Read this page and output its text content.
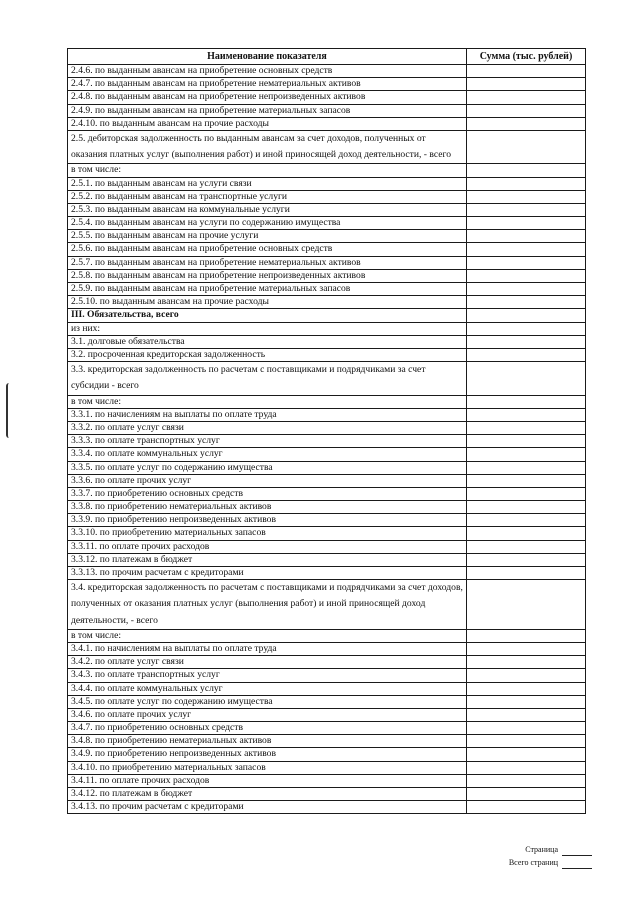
Наименование показателя	Сумма (тыс. рублей)
2.4.6. по выданным авансам на приобретение основных средств	
2.4.7. по выданным авансам на приобретение нематериальных активов	
2.4.8. по выданным авансам на приобретение непроизведенных активов	
2.4.9. по выданным авансам на приобретение материальных запасов	
2.4.10. по выданным авансам на прочие расходы	
2.5. дебиторская задолженность по выданным авансам за счет доходов, полученных от оказания платных услуг (выполнения работ) и иной приносящей доход деятельности, - всего	
в том числе:	
2.5.1. по выданным авансам на услуги связи	
2.5.2. по выданным авансам на транспортные услуги	
2.5.3. по выданным авансам на коммунальные услуги	
2.5.4. по выданным авансам на услуги по содержанию имущества	
2.5.5. по выданным авансам на прочие услуги	
2.5.6. по выданным авансам на приобретение основных средств	
2.5.7. по выданным авансам на приобретение нематериальных активов	
2.5.8. по выданным авансам на приобретение непроизведенных активов	
2.5.9. по выданным авансам на приобретение материальных запасов	
2.5.10. по выданным авансам на прочие расходы	
III. Обязательства, всего	
из них:	
3.1. долговые обязательства	
3.2. просроченная кредиторская задолженность	
3.3. кредиторская задолженность по расчетам с поставщиками и подрядчиками за счет субсидии - всего	
в том числе:	
3.3.1. по начислениям на выплаты по оплате труда	
3.3.2. по оплате услуг связи	
3.3.3. по оплате транспортных услуг	
3.3.4. по оплате коммунальных услуг	
3.3.5. по оплате услуг по содержанию имущества	
3.3.6. по оплате прочих услуг	
3.3.7. по приобретению основных средств	
3.3.8. по приобретению нематериальных активов	
3.3.9. по приобретению непроизведенных активов	
3.3.10. по приобретению материальных запасов	
3.3.11. по оплате прочих расходов	
3.3.12. по платежам в бюджет	
3.3.13. по прочим расчетам с кредиторами	
3.4. кредиторская задолженность по расчетам с поставщиками и подрядчиками за счет доходов, полученных от оказания платных услуг (выполнения работ) и иной приносящей доход деятельности, - всего	
в том числе:	
3.4.1. по начислениям на выплаты по оплате труда	
3.4.2. по оплате услуг связи	
3.4.3. по оплате транспортных услуг	
3.4.4. по оплате коммунальных услуг	
3.4.5. по оплате услуг по содержанию имущества	
3.4.6. по оплате прочих услуг	
3.4.7. по приобретению основных средств	
3.4.8. по приобретению нематериальных активов	
3.4.9. по приобретению непроизведенных активов	
3.4.10. по приобретению материальных запасов	
3.4.11. по оплате прочих расходов	
3.4.12. по платежам в бюджет	
3.4.13. по прочим расчетам с кредиторами	
Страница
Всего страниц
